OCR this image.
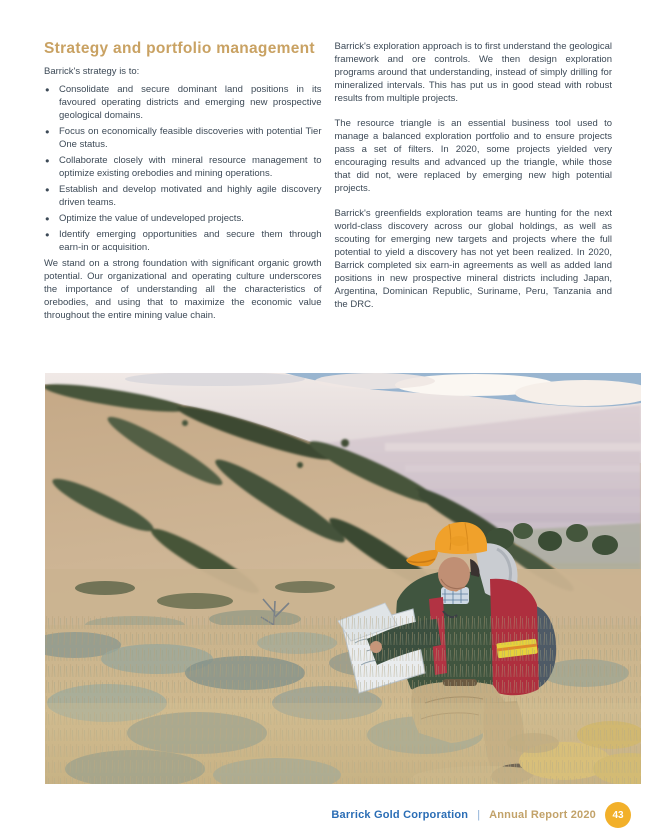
Strategy and portfolio management

Barrick's strategy is to:

● Consolidate and secure dominant land positions in its favoured operating districts and emerging new prospective geological domains.
● Focus on economically feasible discoveries with potential Tier One status.
● Collaborate closely with mineral resource management to optimize existing orebodies and mining operations.
● Establish and develop motivated and highly agile discovery driven teams.
● Optimize the value of undeveloped projects.
● Identify emerging opportunities and secure them through earn-in or acquisition.

We stand on a strong foundation with significant organic growth potential. Our organizational and operating culture underscores the importance of understanding all the characteristics of orebodies, and using that to maximize the economic value throughout the entire mining value chain.

Barrick's exploration approach is to first understand the geological framework and ore controls. We then design exploration programs around that understanding, instead of simply drilling for mineralized intervals. This has put us in good stead with robust results from multiple projects.

The resource triangle is an essential business tool used to manage a balanced exploration portfolio and to ensure projects pass a set of filters. In 2020, some projects yielded very encouraging results and advanced up the triangle, while those that did not, were replaced by emerging new high potential projects.

Barrick's greenfields exploration teams are hunting for the next world-class discovery across our global holdings, as well as scouting for emerging new targets and projects where the full potential to yield a discovery has not yet been realized. In 2020, Barrick completed six earn-in agreements as well as added land positions in new prospective mineral districts including Japan, Argentina, Dominican Republic, Suriname, Peru, Tanzania and the DRC.

Barrick Gold Corporation | Annual Report 2020	43
